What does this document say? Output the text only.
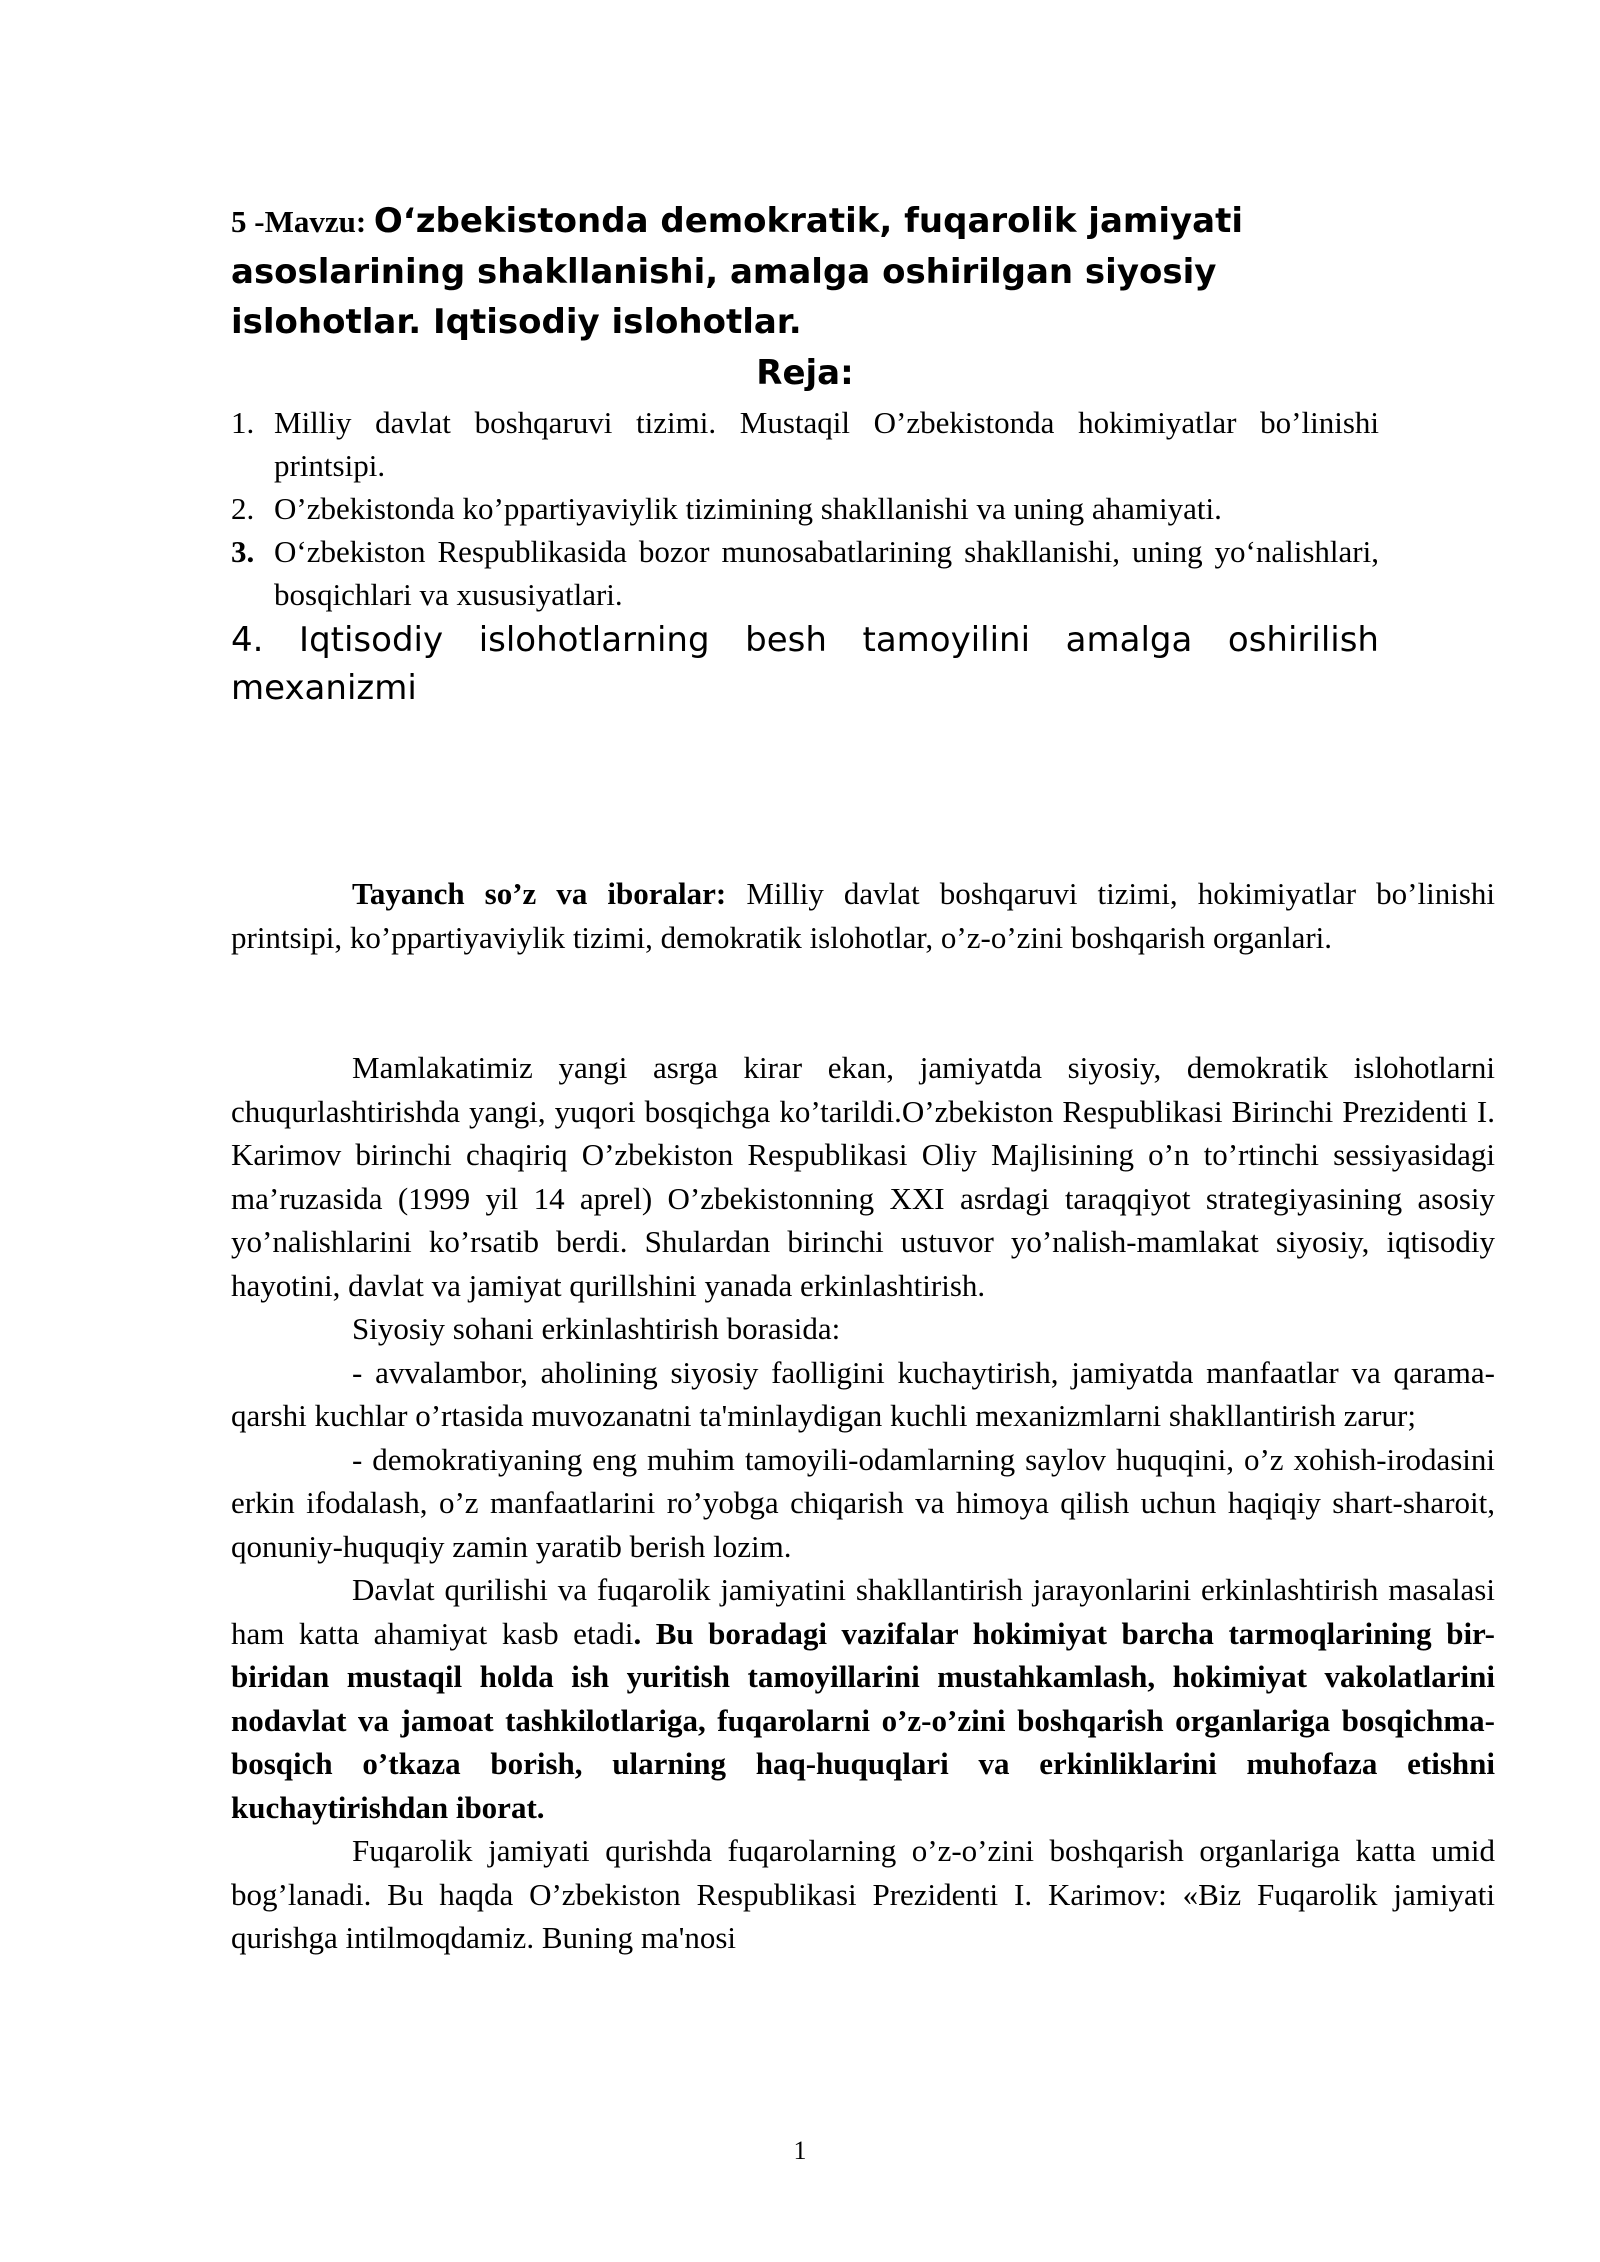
5 -Mavzu: O‘zbekistonda demokratik, fuqarolik jamiyati asoslarining shakllanishi, amalga oshirilgan siyosiy islohotlar. Iqtisodiy islohotlar.
Reja:
1. Milliy davlat boshqaruvi tizimi. Mustaqil O’zbekistonda hokimiyatlar bo’linishi printsipi.
2. O’zbekistonda ko’ppartiyaviylik tizimining shakllanishi va uning ahamiyati.
3. O‘zbekiston Respublikasida bozor munosabatlarining shakllanishi, uning yo‘nalishlari, bosqichlari va xususiyatlari.
4. Iqtisodiy islohotlarning besh tamoyilini amalga oshirilish mexanizmi

Tayanch so’z va iboralar: Milliy davlat boshqaruvi tizimi, hokimiyatlar bo’linishi printsipi, ko’ppartiyaviylik tizimi, demokratik islohotlar, o’z-o’zini boshqarish organlari.

Mamlakatimiz yangi asrga kirar ekan, jamiyatda siyosiy, demokratik islohotlarni chuqurlashtirishda yangi, yuqori bosqichga ko’tarildi.O’zbekiston Respublikasi Birinchi Prezidenti I. Karimov birinchi chaqiriq O’zbekiston Respublikasi Oliy Majlisining o’n to’rtinchi sessiyasidagi ma’ruzasida (1999 yil 14 aprel) O’zbekistonning XXI asrdagi taraqqiyot strategiyasining asosiy yo’nalishlarini ko’rsatib berdi. Shulardan birinchi ustuvor yo’nalish-mamlakat siyosiy, iqtisodiy hayotini, davlat va jamiyat qurillshini yanada erkinlashtirish.

Siyosiy sohani erkinlashtirish borasida:

- avvalambor, aholining siyosiy faolligini kuchaytirish, jamiyatda manfaatlar va qarama-qarshi kuchlar o’rtasida muvozanatni ta'minlaydigan kuchli mexanizmlarni shakllantirish zarur;

- demokratiyaning eng muhim tamoyili-odamlarning saylov huquqini, o’z xohish-irodasini erkin ifodalash, o’z manfaatlarini ro’yobga chiqarish va himoya qilish uchun haqiqiy shart-sharoit, qonuniy-huquqiy zamin yaratib berish lozim.

Davlat qurilishi va fuqarolik jamiyatini shakllantirish jarayonlarini erkinlashtirish masalasi ham katta ahamiyat kasb etadi. Bu boradagi vazifalar hokimiyat barcha tarmoqlarining bir-biridan mustaqil holda ish yuritish tamoyillarini mustahkamlash, hokimiyat vakolatlarini nodavlat va jamoat tashkilotlariga, fuqarolarni o’z-o’zini boshqarish organlariga bosqichma-bosqich o’tkaza borish, ularning haq-huquqlari va erkinliklarini muhofaza etishni kuchaytirishdan iborat.

Fuqarolik jamiyati qurishda fuqarolarning o’z-o’zini boshqarish organlariga katta umid bog’lanadi. Bu haqda O’zbekiston Respublikasi Prezidenti I. Karimov: «Biz Fuqarolik jamiyati qurishga intilmoqdamiz. Buning ma'nosi

1
